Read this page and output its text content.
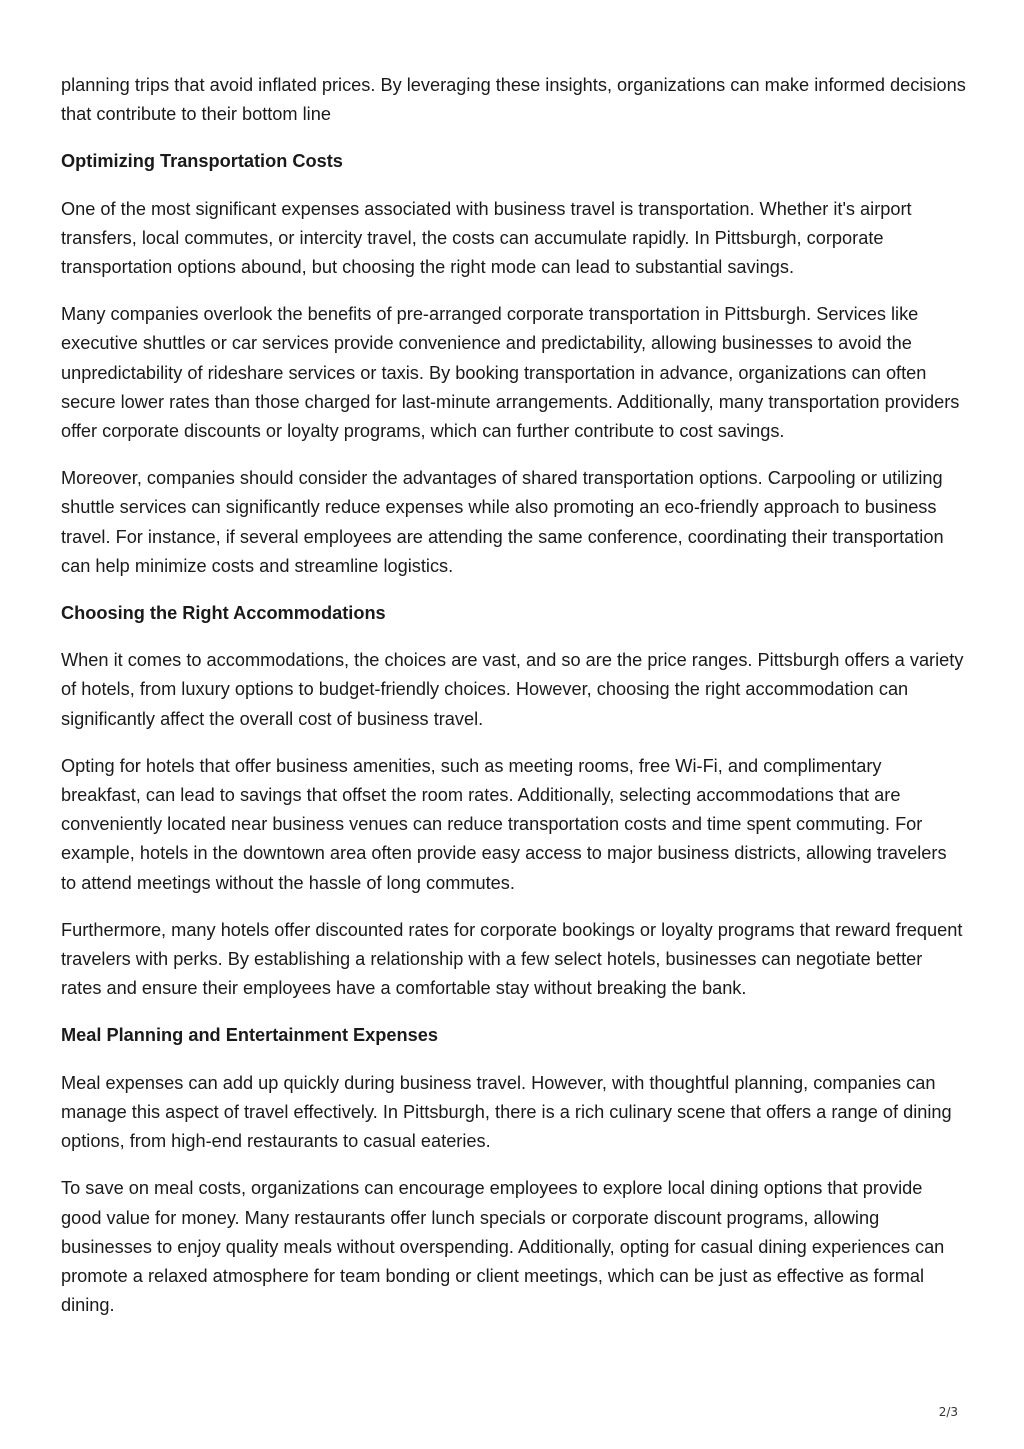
planning trips that avoid inflated prices. By leveraging these insights, organizations can make informed decisions that contribute to their bottom line

Optimizing Transportation Costs

One of the most significant expenses associated with business travel is transportation. Whether it's airport transfers, local commutes, or intercity travel, the costs can accumulate rapidly. In Pittsburgh, corporate transportation options abound, but choosing the right mode can lead to substantial savings.

Many companies overlook the benefits of pre-arranged corporate transportation in Pittsburgh. Services like executive shuttles or car services provide convenience and predictability, allowing businesses to avoid the unpredictability of rideshare services or taxis. By booking transportation in advance, organizations can often secure lower rates than those charged for last-minute arrangements. Additionally, many transportation providers offer corporate discounts or loyalty programs, which can further contribute to cost savings.

Moreover, companies should consider the advantages of shared transportation options. Carpooling or utilizing shuttle services can significantly reduce expenses while also promoting an eco-friendly approach to business travel. For instance, if several employees are attending the same conference, coordinating their transportation can help minimize costs and streamline logistics.

Choosing the Right Accommodations

When it comes to accommodations, the choices are vast, and so are the price ranges. Pittsburgh offers a variety of hotels, from luxury options to budget-friendly choices. However, choosing the right accommodation can significantly affect the overall cost of business travel.

Opting for hotels that offer business amenities, such as meeting rooms, free Wi-Fi, and complimentary breakfast, can lead to savings that offset the room rates. Additionally, selecting accommodations that are conveniently located near business venues can reduce transportation costs and time spent commuting. For example, hotels in the downtown area often provide easy access to major business districts, allowing travelers to attend meetings without the hassle of long commutes.

Furthermore, many hotels offer discounted rates for corporate bookings or loyalty programs that reward frequent travelers with perks. By establishing a relationship with a few select hotels, businesses can negotiate better rates and ensure their employees have a comfortable stay without breaking the bank.

Meal Planning and Entertainment Expenses

Meal expenses can add up quickly during business travel. However, with thoughtful planning, companies can manage this aspect of travel effectively. In Pittsburgh, there is a rich culinary scene that offers a range of dining options, from high-end restaurants to casual eateries.

To save on meal costs, organizations can encourage employees to explore local dining options that provide good value for money. Many restaurants offer lunch specials or corporate discount programs, allowing businesses to enjoy quality meals without overspending. Additionally, opting for casual dining experiences can promote a relaxed atmosphere for team bonding or client meetings, which can be just as effective as formal dining.

2/3
